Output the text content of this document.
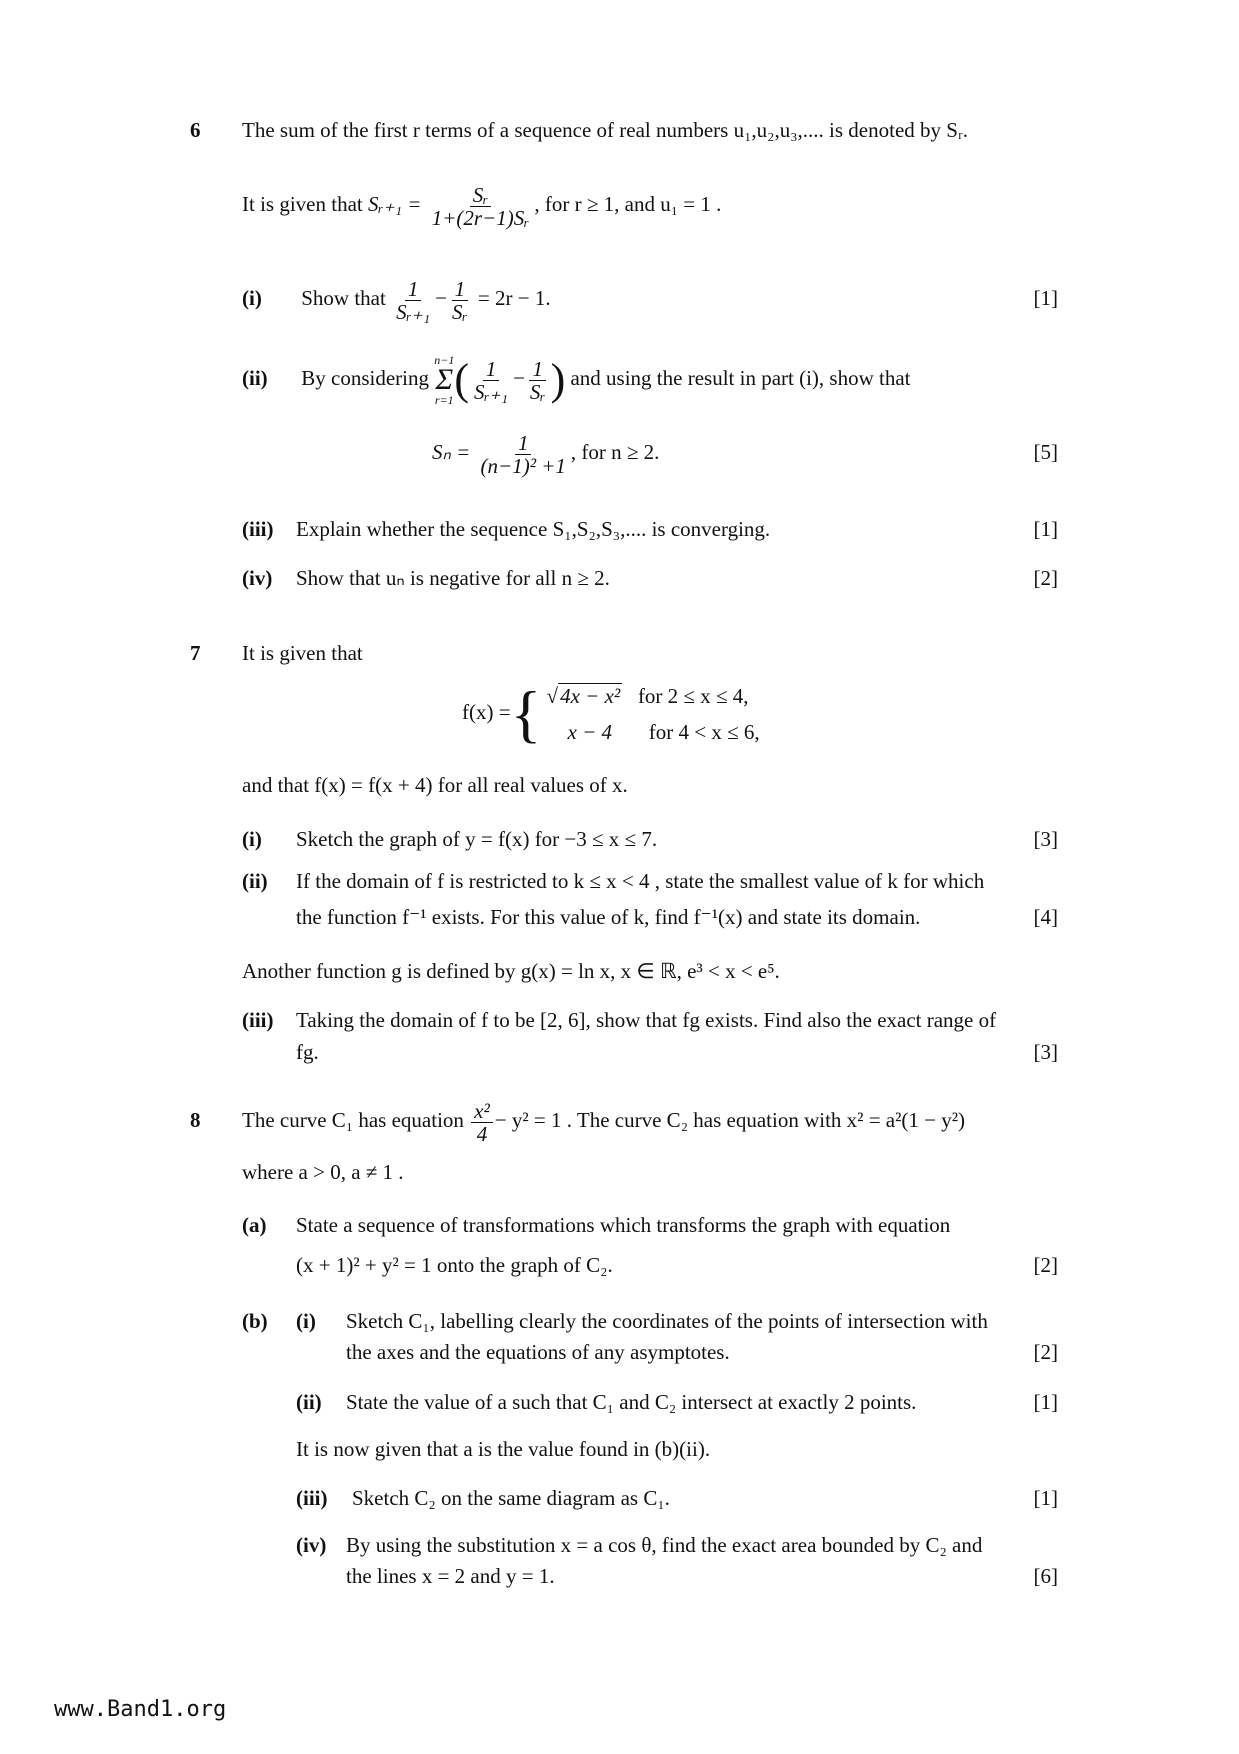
6 The sum of the first r terms of a sequence of real numbers u₁,u₂,u₃,.... is denoted by Sᵣ.
It is given that Sᵣ₊₁ = $\frac{\text{Sᵣ}}{\text{1+(2r−1)Sᵣ}}$ , for r ≥ 1, and u₁ = 1 .
(i) Show that $\frac{1}{\text{Sᵣ₊₁}} - \frac{1}{\text{Sᵣ}} = 2r - 1$.	[1]
(ii) By considering
n−1
Σ
r=1 ( $\frac{1}{\text{Sᵣ₊₁}} - \frac{1}{\text{Sᵣ}}$ ) and using the result in part (i), show that
$S_n = \frac{1}{\text{(n−1)² +1}}$ , for n ≥ 2.	[5]
(iii) Explain whether the sequence S₁,S₂,S₃,.... is converging.	[1]
(iv) Show that uₙ is negative for all n ≥ 2.	[2]
7 It is given that
f(x) ={ √4x − x² for 2 ≤ x ≤ 4,
x − 4 for 4 < x ≤ 6,
and that f(x) = f(x + 4) for all real values of x.
(i) Sketch the graph of y = f(x) for −3 ≤ x ≤ 7.	[3]
(ii) If the domain of f is restricted to k ≤ x < 4 , state the smallest value of k for which
the function f⁻¹ exists. For this value of k, find f⁻¹(x) and state its domain.	[4]
Another function g is defined by g(x) = ln x, x ∈ ℝ, e³ < x < e⁵.
(iii) Taking the domain of f to be [2, 6], show that fg exists. Find also the exact range of
fg.	[3]
8 The curve C₁ has equation $\frac{\text{x²}}{4} - y^2 = 1$ . The curve C₂ has equation with x² = a²(1 − y²)
where a > 0, a ≠ 1 .
(a) State a sequence of transformations which transforms the graph with equation
(x + 1)² + y² = 1 onto the graph of C₂.	[2]
(b) (i) Sketch C₁, labelling clearly the coordinates of the points of intersection with
the axes and the equations of any asymptotes.	[2]
(ii) State the value of a such that C₁ and C₂ intersect at exactly 2 points.	[1]
It is now given that a is the value found in (b)(ii).
(iii) Sketch C₂ on the same diagram as C₁.	[1]
(iv) By using the substitution x = a cos θ, find the exact area bounded by C₂ and
the lines x = 2 and y = 1.	[6]
www.Band1.org
